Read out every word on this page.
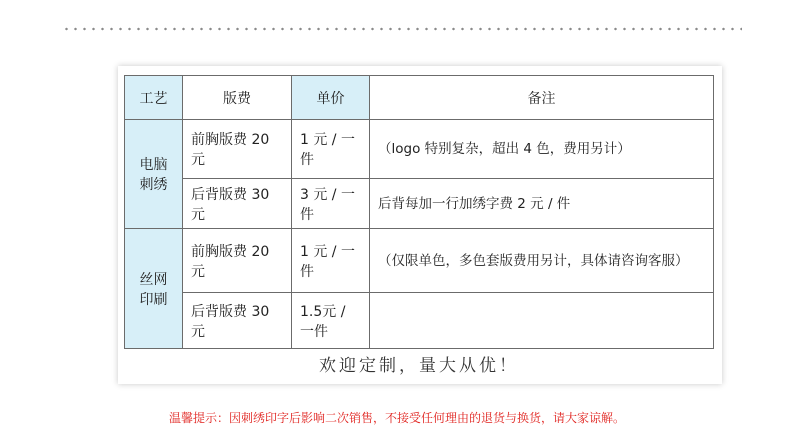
工艺	版费	单价	备注
电脑刺绣	前胸版费 20 元	1 元 / 一件	（logo 特别复杂，超出 4 色，费用另计）
	后背版费 30 元	3 元 / 一件	后背每加一行加绣字费 2 元 / 件
丝网印刷	前胸版费 20 元	1 元 / 一件	（仅限单色，多色套版费用另计，具体请咨询客服）
	后背版费 30 元	1.5元 / 一件	
欢迎定制，量大从优！
温馨提示：因刺绣印字后影响二次销售，不接受任何理由的退货与换货，请大家谅解。
